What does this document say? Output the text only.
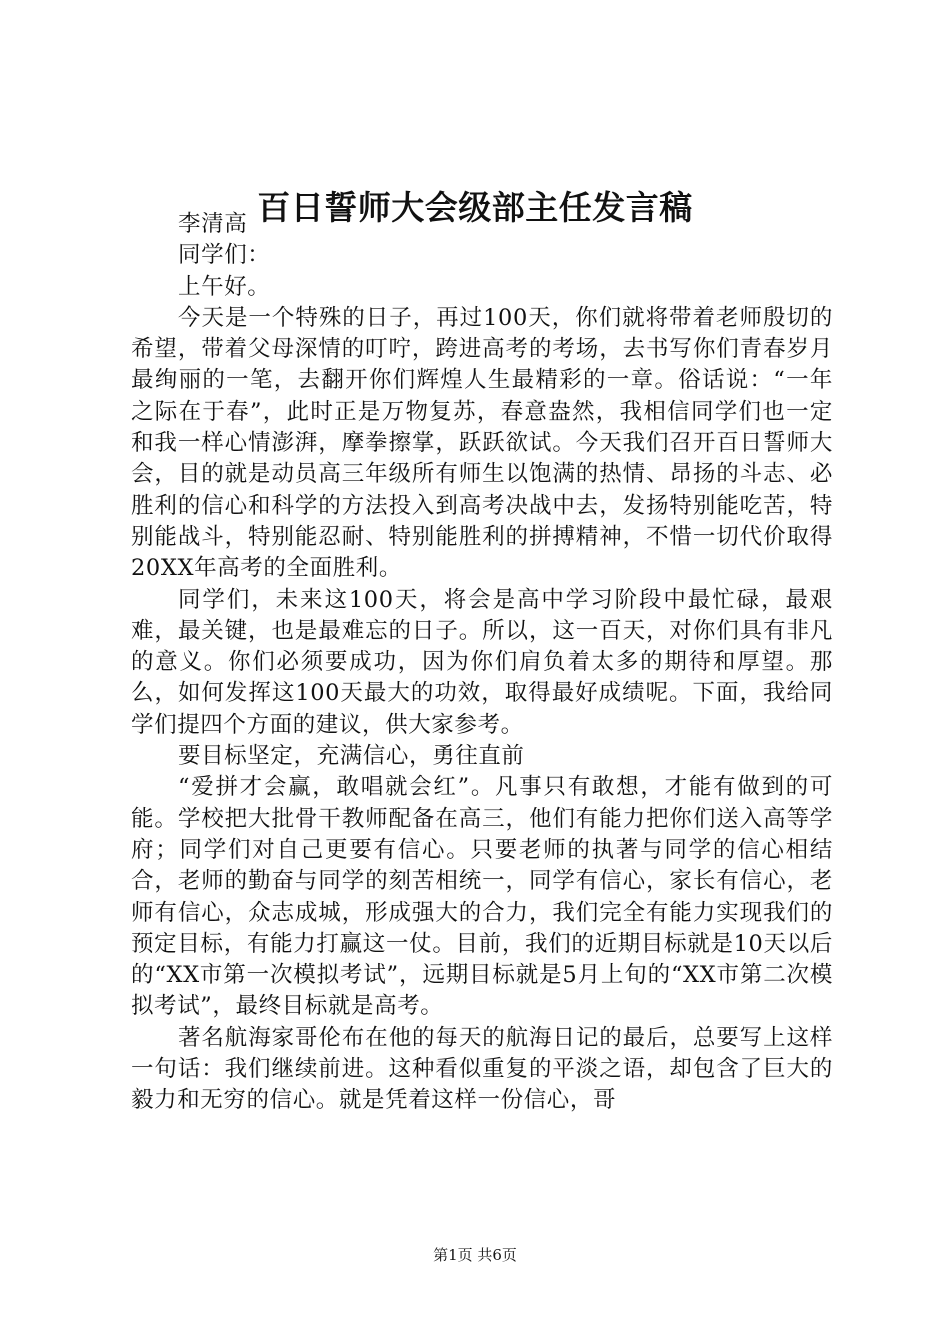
百日誓师大会级部主任发言稿

李清高

同学们：

上午好。

今天是一个特殊的日子，再过100天，你们就将带着老师殷切的希望，带着父母深情的叮咛，跨进高考的考场，去书写你们青春岁月最绚丽的一笔，去翻开你们辉煌人生最精彩的一章。俗话说：“一年之际在于春”，此时正是万物复苏，春意盎然，我相信同学们也一定和我一样心情澎湃，摩拳擦掌，跃跃欲试。今天我们召开百日誓师大会，目的就是动员高三年级所有师生以饱满的热情、昂扬的斗志、必胜利的信心和科学的方法投入到高考决战中去，发扬特别能吃苦，特别能战斗，特别能忍耐、特别能胜利的拼搏精神，不惜一切代价取得20XX年高考的全面胜利。

同学们，未来这100天，将会是高中学习阶段中最忙碌，最艰难，最关键，也是最难忘的日子。所以，这一百天，对你们具有非凡的意义。你们必须要成功，因为你们肩负着太多的期待和厚望。那么，如何发挥这100天最大的功效，取得最好成绩呢。下面，我给同学们提四个方面的建议，供大家参考。

要目标坚定，充满信心，勇往直前

“爱拼才会赢，敢唱就会红”。凡事只有敢想，才能有做到的可能。学校把大批骨干教师配备在高三，他们有能力把你们送入高等学府；同学们对自己更要有信心。只要老师的执著与同学的信心相结合，老师的勤奋与同学的刻苦相统一，同学有信心，家长有信心，老师有信心，众志成城，形成强大的合力，我们完全有能力实现我们的预定目标，有能力打赢这一仗。目前，我们的近期目标就是10天以后的“XX市第一次模拟考试”，远期目标就是5月上旬的“XX市第二次模拟考试”，最终目标就是高考。

著名航海家哥伦布在他的每天的航海日记的最后，总要写上这样一句话：我们继续前进。这种看似重复的平淡之语，却包含了巨大的毅力和无穷的信心。就是凭着这样一份信心，哥

第1页 共6页
